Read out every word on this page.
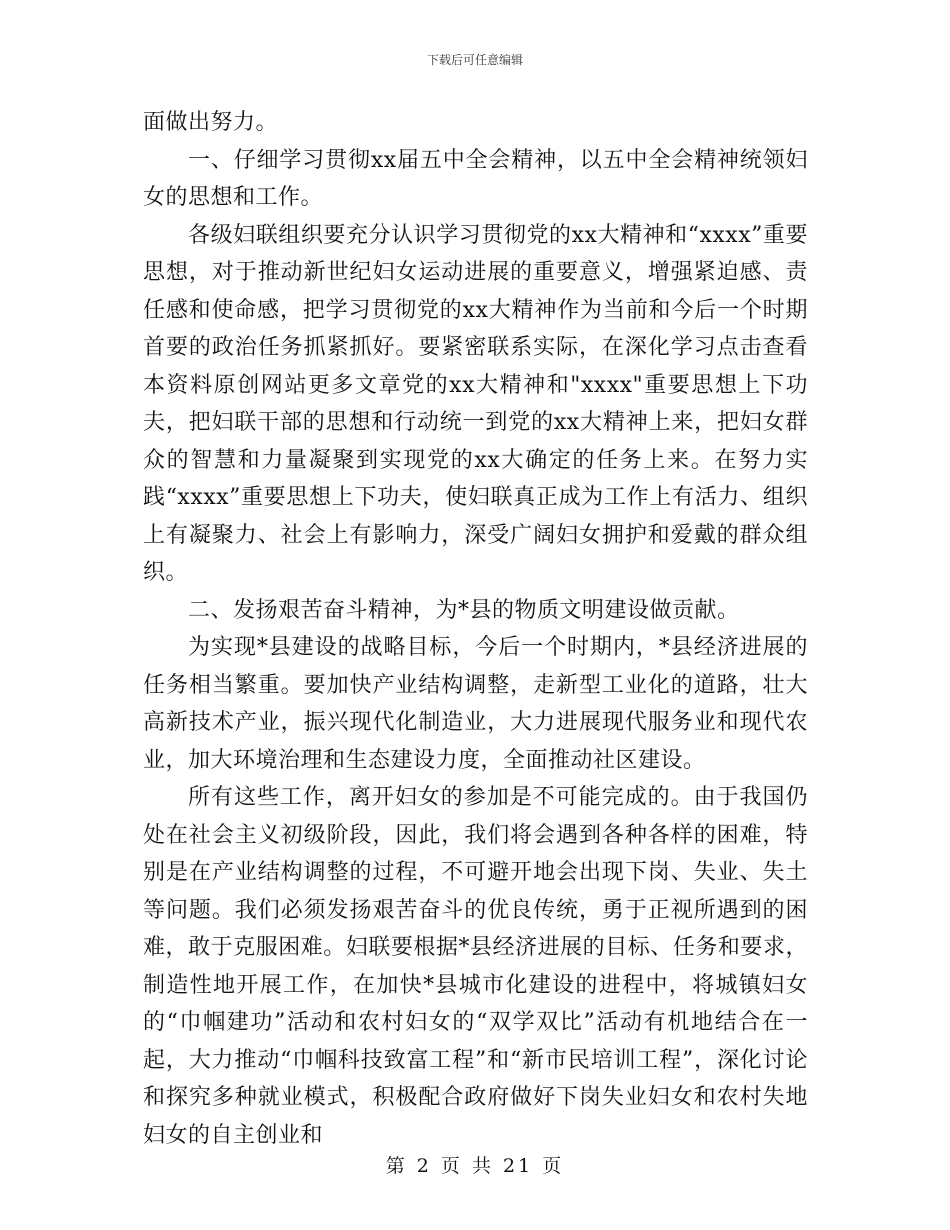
下载后可任意编辑

面做出努力。

一、仔细学习贯彻xx届五中全会精神，以五中全会精神统领妇女的思想和工作。

各级妇联组织要充分认识学习贯彻党的xx大精神和“xxxx”重要思想，对于推动新世纪妇女运动进展的重要意义，增强紧迫感、责任感和使命感，把学习贯彻党的xx大精神作为当前和今后一个时期首要的政治任务抓紧抓好。要紧密联系实际，在深化学习点击查看本资料原创网站更多文章党的xx大精神和"xxxx"重要思想上下功夫，把妇联干部的思想和行动统一到党的xx大精神上来，把妇女群众的智慧和力量凝聚到实现党的xx大确定的任务上来。在努力实践“xxxx”重要思想上下功夫，使妇联真正成为工作上有活力、组织上有凝聚力、社会上有影响力，深受广阔妇女拥护和爱戴的群众组织。

二、发扬艰苦奋斗精神，为*县的物质文明建设做贡献。

为实现*县建设的战略目标，今后一个时期内，*县经济进展的任务相当繁重。要加快产业结构调整，走新型工业化的道路，壮大高新技术产业，振兴现代化制造业，大力进展现代服务业和现代农业，加大环境治理和生态建设力度，全面推动社区建设。

所有这些工作，离开妇女的参加是不可能完成的。由于我国仍处在社会主义初级阶段，因此，我们将会遇到各种各样的困难，特别是在产业结构调整的过程，不可避开地会出现下岗、失业、失土等问题。我们必须发扬艰苦奋斗的优良传统，勇于正视所遇到的困难，敢于克服困难。妇联要根据*县经济进展的目标、任务和要求，制造性地开展工作，在加快*县城市化建设的进程中，将城镇妇女的“巾帼建功”活动和农村妇女的“双学双比”活动有机地结合在一起，大力推动“巾帼科技致富工程”和“新市民培训工程”，深化讨论和探究多种就业模式，积极配合政府做好下岗失业妇女和农村失地妇女的自主创业和

第 2 页 共 21 页
